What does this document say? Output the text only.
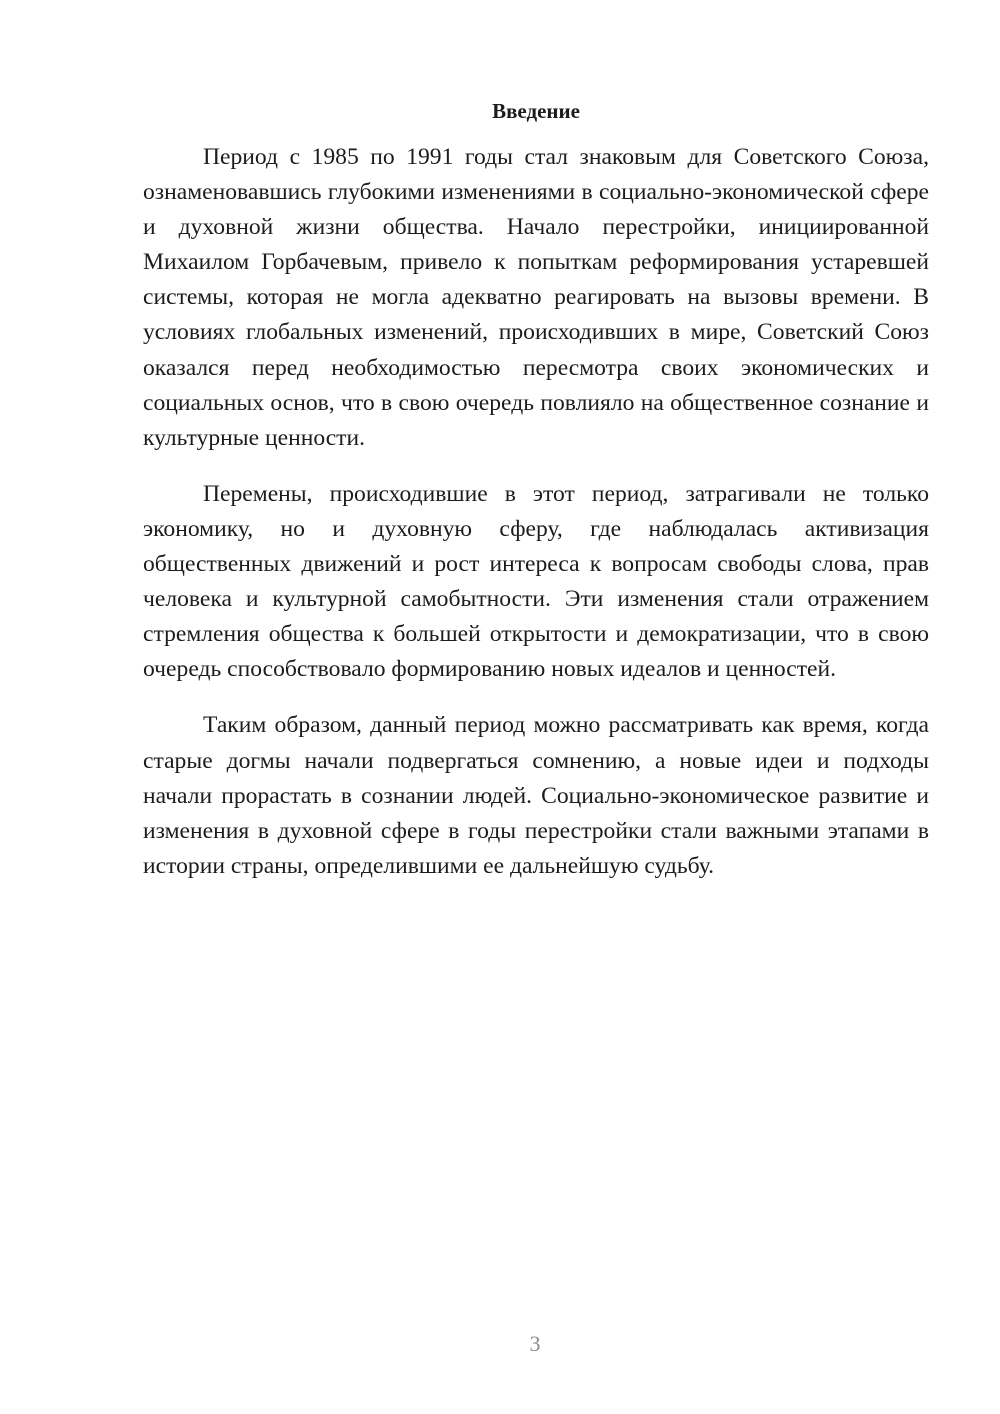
Введение

Период с 1985 по 1991 годы стал знаковым для Советского Союза, ознаменовавшись глубокими изменениями в социально-экономической сфере и духовной жизни общества. Начало перестройки, инициированной Михаилом Горбачевым, привело к попыткам реформирования устаревшей системы, которая не могла адекватно реагировать на вызовы времени. В условиях глобальных изменений, происходивших в мире, Советский Союз оказался перед необходимостью пересмотра своих экономических и социальных основ, что в свою очередь повлияло на общественное сознание и культурные ценности.

Перемены, происходившие в этот период, затрагивали не только экономику, но и духовную сферу, где наблюдалась активизация общественных движений и рост интереса к вопросам свободы слова, прав человека и культурной самобытности. Эти изменения стали отражением стремления общества к большей открытости и демократизации, что в свою очередь способствовало формированию новых идеалов и ценностей.

Таким образом, данный период можно рассматривать как время, когда старые догмы начали подвергаться сомнению, а новые идеи и подходы начали прорастать в сознании людей. Социально-экономическое развитие и изменения в духовной сфере в годы перестройки стали важными этапами в истории страны, определившими ее дальнейшую судьбу.

3
